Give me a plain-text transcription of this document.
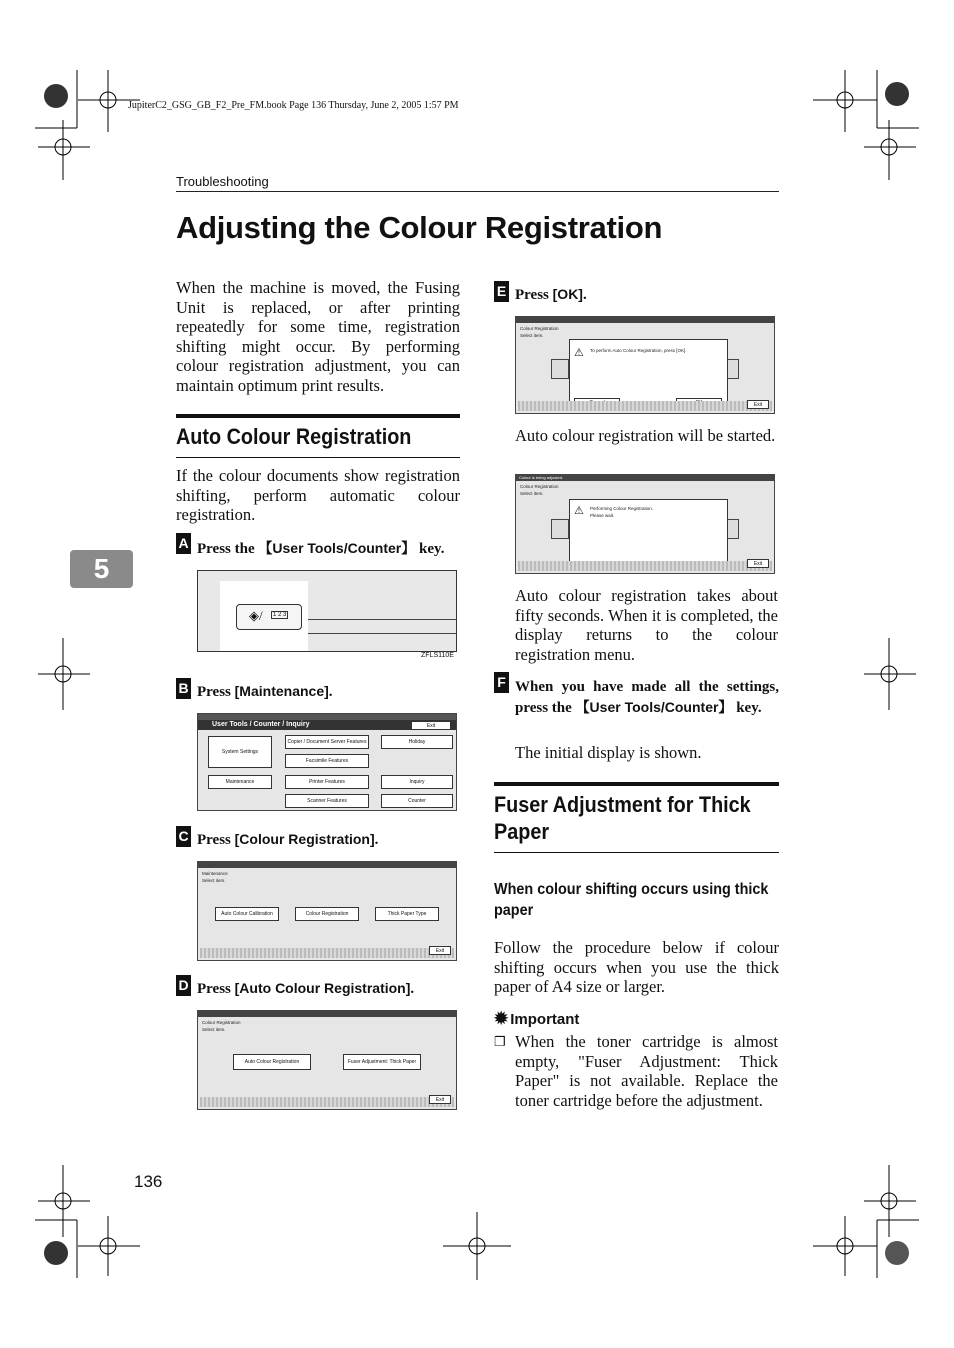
JupiterC2_GSG_GB_F2_Pre_FM.book Page 136 Thursday, June 2, 2005 1:57 PM
Troubleshooting
Adjusting the Colour Registration
5
When the machine is moved, the Fusing Unit is replaced, or after printing repeatedly for some time, registration shifting might occur. By performing colour registration adjustment, you can maintain optimum print results.
Auto Colour Registration
If the colour documents show registration shifting, perform automatic colour registration.
A Press the 【User Tools/Counter】 key.
◈/	1 2 3
ZFLS110E
B Press [Maintenance].
User Tools / Counter / Inquiry	Exit
System Settings
Copier / Document Server Features
Facsimile Features
Printer Features
Scanner Features
Maintenance
Holiday
Inquiry
Counter
C Press [Colour Registration].
Maintenance
Select item.
Auto Colour Calibration	Colour Registration	Thick Paper Type
Exit
D Press [Auto Colour Registration].
Colour Registration
Select item.
Auto Colour Registration	Fuser Adjustment: Thick Paper
Exit
E Press [OK].
Colour Registration
Select item.
⚠ To perform Auto Colour Registration, press [OK].
Exit
Auto colour registration will be started.
Colour is being adjusted.
Colour Registration
Select item.
⚠ Performing Colour Registration.
Please wait.
Exit
Auto colour registration takes about fifty seconds. When it is completed, the display returns to the colour registration menu.
F When you have made all the settings, press the 【User Tools/Counter】 key.
The initial display is shown.
Fuser Adjustment for Thick Paper
When colour shifting occurs using thick paper
Follow the procedure below if colour shifting occurs when you use the thick paper of A4 size or larger.
✹ Important
❒ When the toner cartridge is almost empty, "Fuser Adjustment: Thick Paper" is not available. Replace the toner cartridge before the adjustment.
136
